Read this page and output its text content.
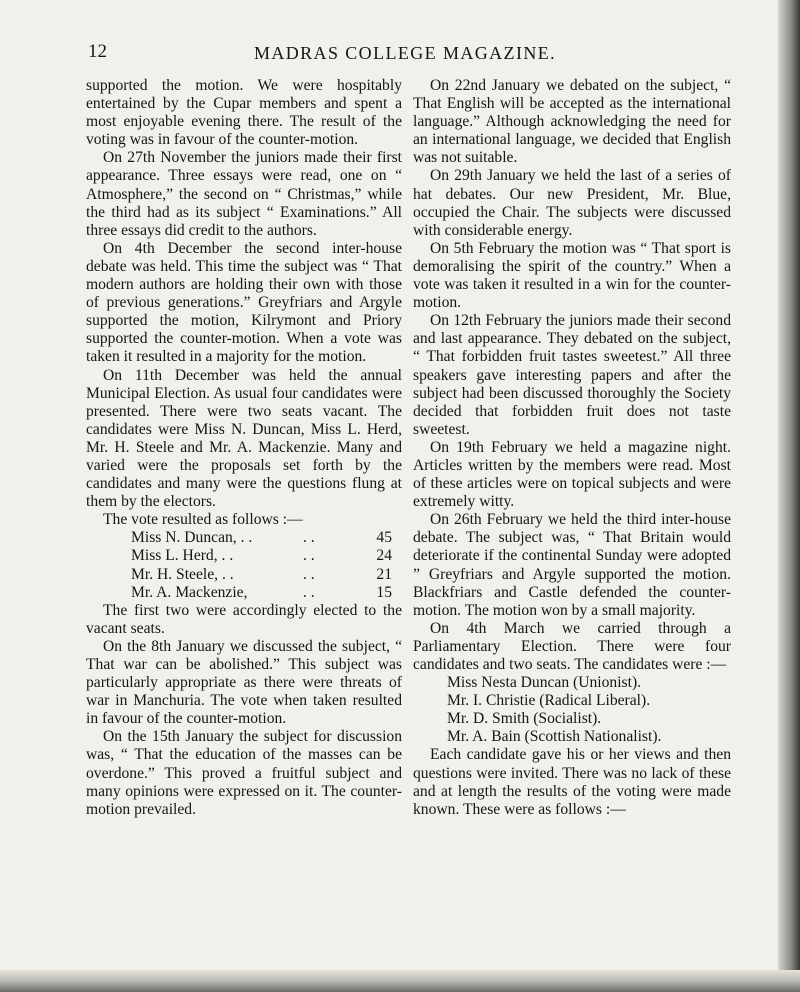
12	MADRAS COLLEGE MAGAZINE.

supported the motion. We were hospitably entertained by the Cupar members and spent a most enjoyable evening there. The result of the voting was in favour of the counter-motion.

On 27th November the juniors made their first appearance. Three essays were read, one on “ Atmosphere,” the second on “ Christmas,” while the third had as its subject “ Examinations.” All three essays did credit to the authors.

On 4th December the second inter-house debate was held. This time the subject was “ That modern authors are holding their own with those of previous generations.” Greyfriars and Argyle supported the motion, Kilrymont and Priory supported the counter-motion. When a vote was taken it resulted in a majority for the motion.

On 11th December was held the annual Municipal Election. As usual four candidates were presented. There were two seats vacant. The candidates were Miss N. Duncan, Miss L. Herd, Mr. H. Steele and Mr. A. Mackenzie. Many and varied were the proposals set forth by the candidates and many were the questions flung at them by the electors.

The vote resulted as follows :—

Miss N. Duncan, . .	. .	45
Miss L. Herd, . .	. .	24
Mr. H. Steele, . .	. .	21
Mr. A. Mackenzie,	. .	15

The first two were accordingly elected to the vacant seats.

On the 8th January we discussed the subject, “ That war can be abolished.” This subject was particularly appropriate as there were threats of war in Manchuria. The vote when taken resulted in favour of the counter-motion.

On the 15th January the subject for discussion was, “ That the education of the masses can be overdone.” This proved a fruitful subject and many opinions were expressed on it. The counter-motion prevailed.

On 22nd January we debated on the subject, “ That English will be accepted as the international language.” Although acknowledging the need for an international language, we decided that English was not suitable.

On 29th January we held the last of a series of hat debates. Our new President, Mr. Blue, occupied the Chair. The subjects were discussed with considerable energy.

On 5th February the motion was “ That sport is demoralising the spirit of the country.” When a vote was taken it resulted in a win for the counter-motion.

On 12th February the juniors made their second and last appearance. They debated on the subject, “ That forbidden fruit tastes sweetest.” All three speakers gave interesting papers and after the subject had been discussed thoroughly the Society decided that forbidden fruit does not taste sweetest.

On 19th February we held a magazine night. Articles written by the members were read. Most of these articles were on topical subjects and were extremely witty.

On 26th February we held the third inter-house debate. The subject was, “ That Britain would deteriorate if the continental Sunday were adopted ” Greyfriars and Argyle supported the motion. Blackfriars and Castle defended the counter-motion. The motion won by a small majority.

On 4th March we carried through a Parliamentary Election. There were four candidates and two seats. The candidates were :—

Miss Nesta Duncan (Unionist).
Mr. I. Christie (Radical Liberal).
Mr. D. Smith (Socialist).
Mr. A. Bain (Scottish Nationalist).

Each candidate gave his or her views and then questions were invited. There was no lack of these and at length the results of the voting were made known. These were as follows :—
